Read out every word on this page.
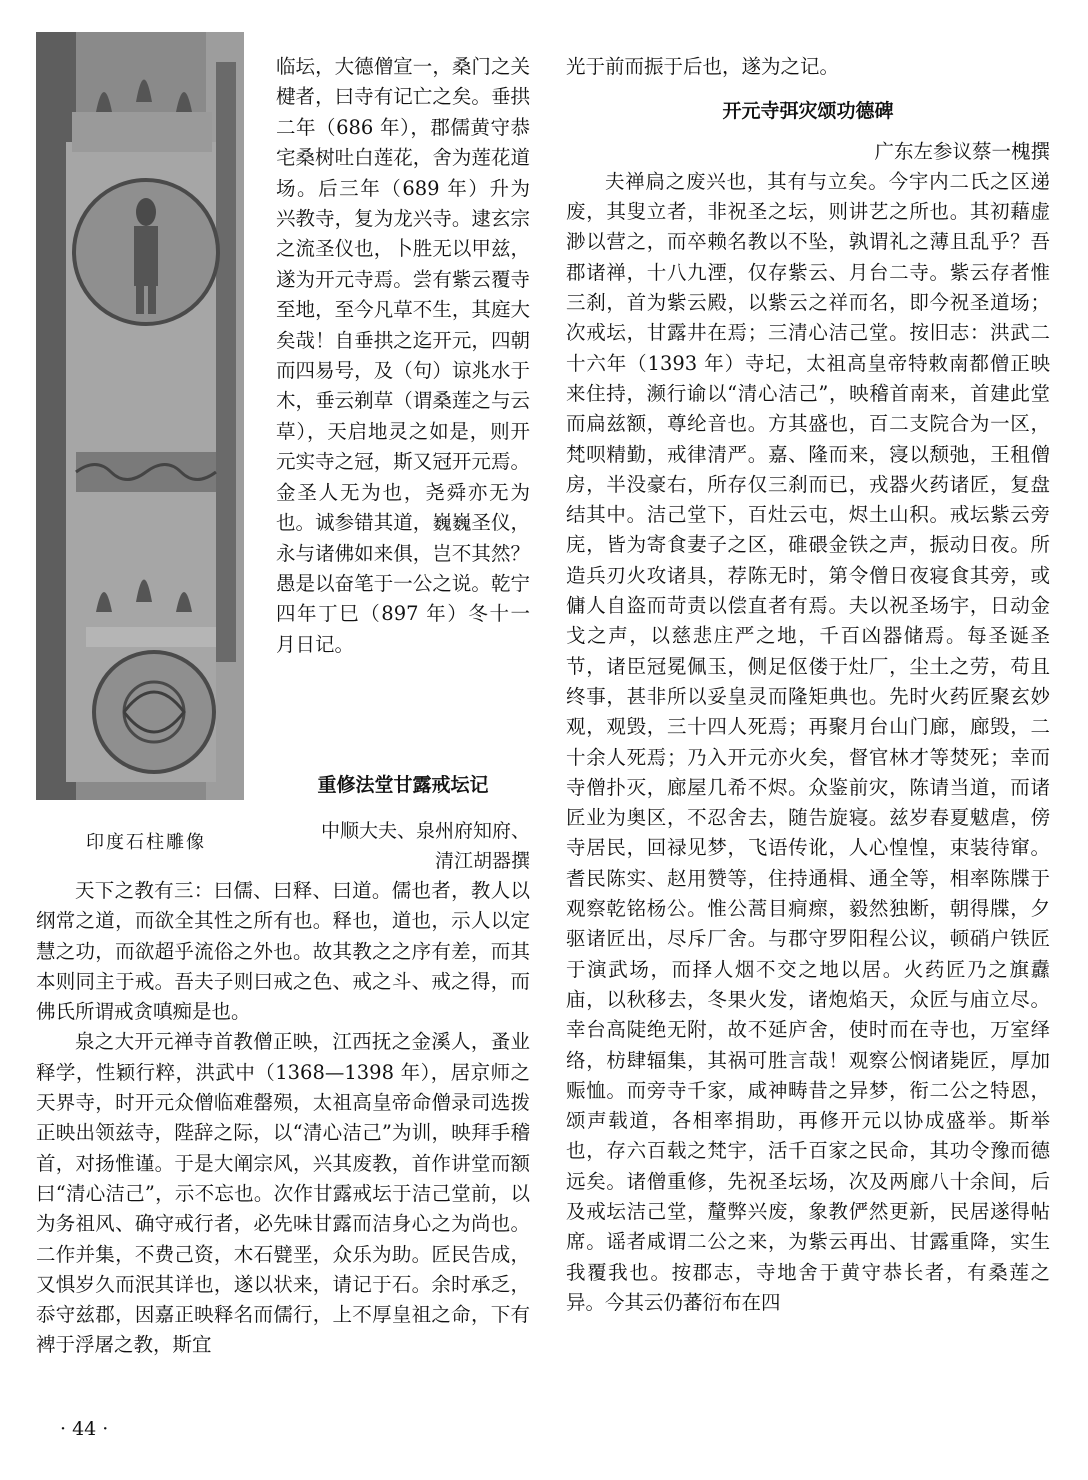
印度石柱雕像

临坛，大德僧宣一，桑门之关楗者，曰寺有记亡之矣。垂拱二年（686 年），郡儒黄守恭宅桑树吐白莲花，舍为莲花道场。后三年（689 年）升为兴教寺，复为龙兴寺。逮玄宗之流圣仪也，卜胜无以甲兹，遂为开元寺焉。尝有紫云覆寺至地，至今凡草不生，其庭大矣哉！自垂拱之迄开元，四朝而四易号，及（句）谅兆水于木，垂云剃草（谓桑莲之与云草），天启地灵之如是，则开元实寺之冠，斯又冠开元焉。金圣人无为也，尧舜亦无为也。诚参错其道，巍巍圣仪，永与诸佛如来俱，岂不其然？愚是以奋笔于一公之说。乾宁四年丁巳（897 年）冬十一月日记。

重修法堂甘露戒坛记
中顺大夫、泉州府知府、
清江胡器撰

天下之教有三：曰儒、曰释、曰道。儒也者，教人以纲常之道，而欲全其性之所有也。释也，道也，示人以定慧之功，而欲超乎流俗之外也。故其教之之序有差，而其本则同主于戒。吾夫子则曰戒之色、戒之斗、戒之得，而佛氏所谓戒贪嗔痴是也。

泉之大开元禅寺首教僧正映，江西抚之金溪人，蚤业释学，性颖行粹，洪武中（1368—1398 年），居京师之天界寺，时开元众僧临难罄殒，太祖高皇帝命僧录司选拨正映出领兹寺，陛辞之际，以“清心洁己”为训，映拜手稽首，对扬惟谨。于是大阐宗风，兴其废教，首作讲堂而额曰“清心洁己”，示不忘也。次作甘露戒坛于洁己堂前，以为务祖风、确守戒行者，必先味甘露而洁身心之为尚也。二作并集，不费己资，木石甓垩，众乐为助。匠民告成，又惧岁久而泯其详也，遂以状来，请记于石。余时承乏，忝守兹郡，因嘉正映释名而儒行，上不厚皇祖之命，下有裨于浮屠之教，斯宜

光于前而振于后也，遂为之记。

开元寺弭灾颂功德碑

广东左参议蔡一槐撰

夫禅扃之废兴也，其有与立矣。今宇内二氏之区递废，其叟立者，非祝圣之坛，则讲艺之所也。其初藉虚渺以营之，而卒赖名教以不坠，孰谓礼之薄且乱乎？吾郡诸禅，十八九湮，仅存紫云、月台二寺。紫云存者惟三刹，首为紫云殿，以紫云之祥而名，即今祝圣道场；次戒坛，甘露井在焉；三清心洁己堂。按旧志：洪武二十六年（1393 年）寺圮，太祖高皇帝特敕南都僧正映来住持，濒行谕以“清心洁己”，映稽首南来，首建此堂而扁兹额，尊纶音也。方其盛也，百二支院合为一区，梵呗精勤，戒律清严。嘉、隆而来，寖以颓弛，王租僧房，半没豪右，所存仅三刹而已，戎器火药诸匠，复盘结其中。洁己堂下，百灶云屯，烬土山积。戒坛紫云旁庑，皆为寄食妻子之区，碓碨金铁之声，振动日夜。所造兵刃火攻诸具，荐陈无时，第令僧日夜寝食其旁，或傭人自盗而苛责以偿直者有焉。夫以祝圣场宇，日动金戈之声，以慈悲庄严之地，千百凶器储焉。每圣诞圣节，诸臣冠冕佩玉，侧足伛偻于灶厂，尘土之劳，苟且终事，甚非所以妥皇灵而隆矩典也。先时火药匠聚玄妙观，观毁，三十四人死焉；再聚月台山门廊，廊毁，二十余人死焉；乃入开元亦火矣，督官林才等焚死；幸而寺僧扑灭，廊屋几希不烬。众鉴前灾，陈请当道，而诸匠业为奥区，不忍舍去，随告旋寝。兹岁春夏魃虐，傍寺居民，回禄见梦，飞语传讹，人心惶惶，束装待窜。耆民陈实、赵用赞等，住持通楫、通全等，相率陈牒于观察乾铭杨公。惟公蒿目痌瘝，毅然独断，朝得牒，夕驱诸匠出，尽斥厂舍。与郡守罗阳程公议，顿硝户铁匠于演武场，而择人烟不交之地以居。火药匠乃之旗纛庙，以秋移去，冬果火发，诸炮焰天，众匠与庙立尽。幸台高陡绝无附，故不延庐舍，使时而在寺也，万室绎络，枋肆辐集，其祸可胜言哉！观察公悯诸毙匠，厚加赈恤。而旁寺千家，咸神畴昔之异梦，衔二公之特恩，颂声载道，各相率捐助，再修开元以协成盛举。斯举也，存六百载之梵宇，活千百家之民命，其功令豫而德远矣。诸僧重修，先祝圣坛场，次及两廊八十余间，后及戒坛洁己堂，釐弊兴废，象教俨然更新，民居遂得帖席。谣者咸谓二公之来，为紫云再出、甘露重降，实生我覆我也。按郡志，寺地舍于黄守恭长者，有桑莲之异。今其云仍蕃衍布在四

· 44 ·
